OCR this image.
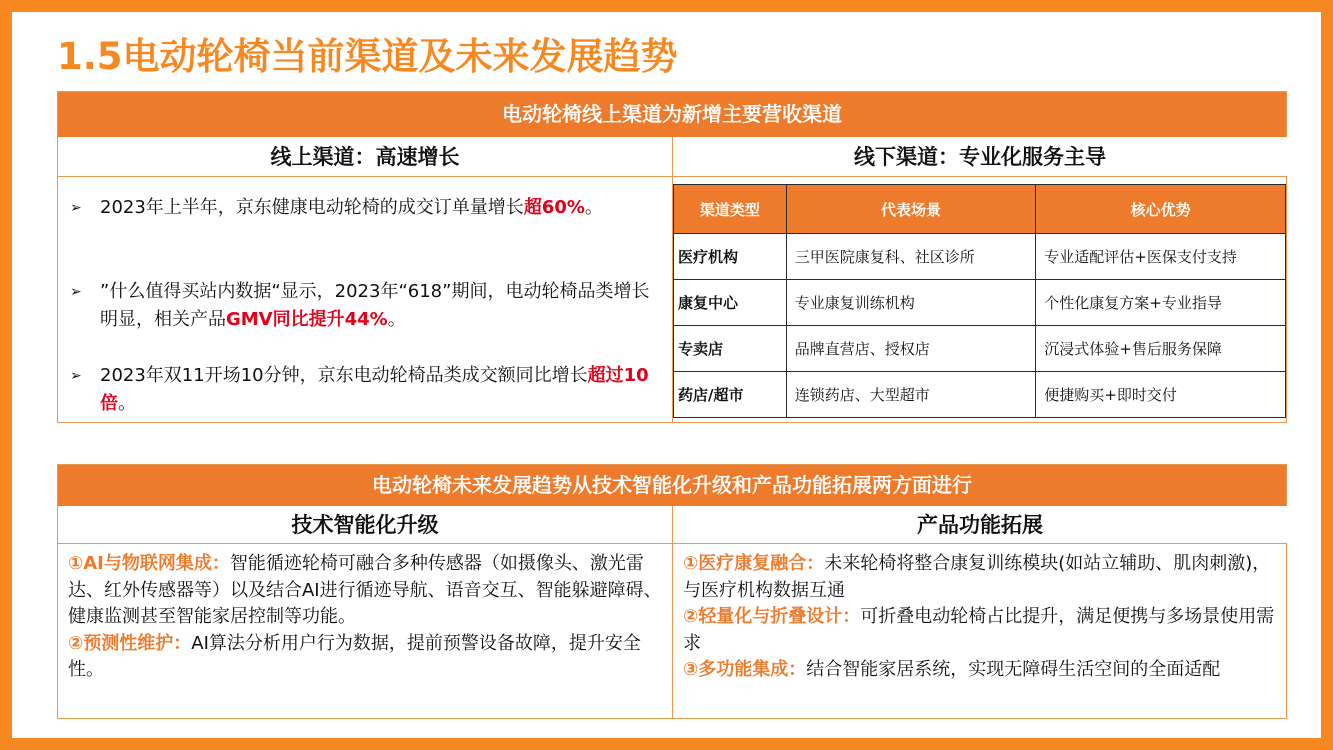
1.5电动轮椅当前渠道及未来发展趋势
电动轮椅线上渠道为新增主要营收渠道
线上渠道：高速增长	线下渠道：专业化服务主导
➢ 2023年上半年，京东健康电动轮椅的成交订单量增长超60%。
➢ ”什么值得买站内数据“显示，2023年“618”期间，电动轮椅品类增长明显，相关产品GMV同比提升44%。
➢ 2023年双11开场10分钟，京东电动轮椅品类成交额同比增长超过10倍。
渠道类型	代表场景	核心优势
医疗机构	三甲医院康复科、社区诊所	专业适配评估+医保支付支持
康复中心	专业康复训练机构	个性化康复方案+专业指导
专卖店	品牌直营店、授权店	沉浸式体验+售后服务保障
药店/超市	连锁药店、大型超市	便捷购买+即时交付
电动轮椅未来发展趋势从技术智能化升级和产品功能拓展两方面进行
技术智能化升级	产品功能拓展
①AI与物联网集成：智能循迹轮椅可融合多种传感器（如摄像头、激光雷达、红外传感器等）以及结合AI进行循迹导航、语音交互、智能躲避障碍、健康监测甚至智能家居控制等功能。
②预测性维护：AI算法分析用户行为数据，提前预警设备故障，提升安全性。
①医疗康复融合：未来轮椅将整合康复训练模块(如站立辅助、肌肉刺激)，与医疗机构数据互通
②轻量化与折叠设计：可折叠电动轮椅占比提升，满足便携与多场景使用需求
③多功能集成：结合智能家居系统，实现无障碍生活空间的全面适配
